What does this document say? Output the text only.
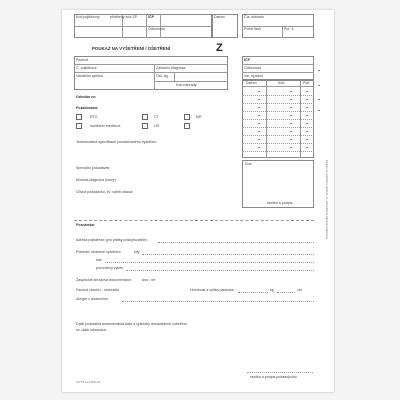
Kód pojišťovny	přidělený kód ZP	IČP
Odbornost
Datum	Čís. dokladu
Počet listů	Poř. č.
POUKAZ NA VYŠETŘENÍ / OŠETŘENÍ	Z
Pacient
Č. pojištěnce	Základní diagnóza
Variabilní symbol	Ost. dg.
Kód náhrady
Odeslán ze:
Požadováno:
RTG	CT	MR
nukleární medicína	US
Jednoznačná specifikace požadovaného vyšetření:
Speciální požadavek:
Klinická diagnóza (slovy):
Důvod požadavku, ev. sdělit otázka:
IČP
Odbornost
Var. symbol
Datum	Kód	Poč.
Dne:
razítko a podpis
Poznámka:
Adresa pojištěnce (pro platby poskytovatele):
Poslední obdobné vyšetření:	kdy
kde
provedený výkon
Zaspisová obrazová dokumentace:	ano - ne
Pacient chodící - nechodící	Hmotnost a výška pacienta:	kg	cm
Alergie v anamnéze:
Další podstatná anamnestická data a výsledky dosavadních vyšetření,
ev. další informace:
razítko a podpis požadujícího
OKTS 113 808 16
Poukaz na vyšetření / ošetření - Z - formulář pro zdravotní pojišťovny
